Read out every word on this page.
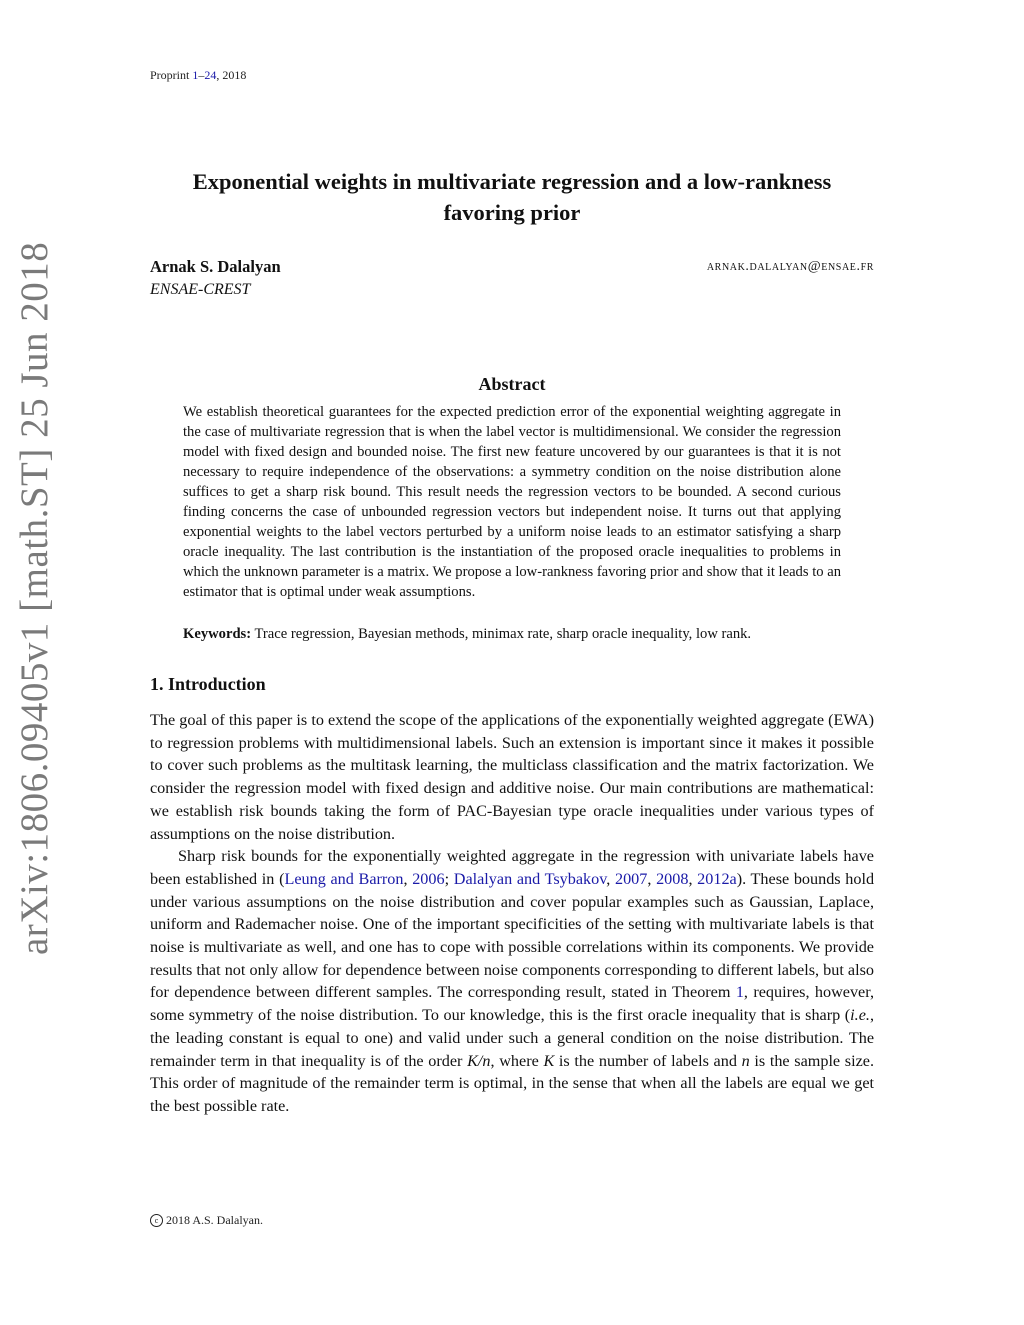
Proprint 1–24, 2018
arXiv:1806.09405v1 [math.ST] 25 Jun 2018
Exponential weights in multivariate regression and a low-rankness favoring prior
Arnak S. Dalalyan	arnak.dalalyan@ensae.fr
ENSAE-CREST
Abstract

We establish theoretical guarantees for the expected prediction error of the exponential weighting aggregate in the case of multivariate regression that is when the label vector is multidimensional. We consider the regression model with fixed design and bounded noise. The first new feature uncovered by our guarantees is that it is not necessary to require independence of the observations: a symmetry condition on the noise distribution alone suffices to get a sharp risk bound. This result needs the regression vectors to be bounded. A second curious finding concerns the case of unbounded regression vectors but independent noise. It turns out that applying exponential weights to the label vectors perturbed by a uniform noise leads to an estimator satisfying a sharp oracle inequality. The last contribution is the instantiation of the proposed oracle inequalities to problems in which the unknown parameter is a matrix. We propose a low-rankness favoring prior and show that it leads to an estimator that is optimal under weak assumptions.

Keywords: Trace regression, Bayesian methods, minimax rate, sharp oracle inequality, low rank.
1. Introduction

The goal of this paper is to extend the scope of the applications of the exponentially weighted aggregate (EWA) to regression problems with multidimensional labels. Such an extension is important since it makes it possible to cover such problems as the multitask learning, the multiclass classification and the matrix factorization. We consider the regression model with fixed design and additive noise. Our main contributions are mathematical: we establish risk bounds taking the form of PAC-Bayesian type oracle inequalities under various types of assumptions on the noise distribution.

Sharp risk bounds for the exponentially weighted aggregate in the regression with univariate labels have been established in (Leung and Barron, 2006; Dalalyan and Tsybakov, 2007, 2008, 2012a). These bounds hold under various assumptions on the noise distribution and cover popular examples such as Gaussian, Laplace, uniform and Rademacher noise. One of the important specificities of the setting with multivariate labels is that noise is multivariate as well, and one has to cope with possible correlations within its components. We provide results that not only allow for dependence between noise components corresponding to different labels, but also for dependence between different samples. The corresponding result, stated in Theorem 1, requires, however, some symmetry of the noise distribution. To our knowledge, this is the first oracle inequality that is sharp (i.e., the leading constant is equal to one) and valid under such a general condition on the noise distribution. The remainder term in that inequality is of the order K/n, where K is the number of labels and n is the sample size. This order of magnitude of the remainder term is optimal, in the sense that when all the labels are equal we get the best possible rate.

c 2018 A.S. Dalalyan.
